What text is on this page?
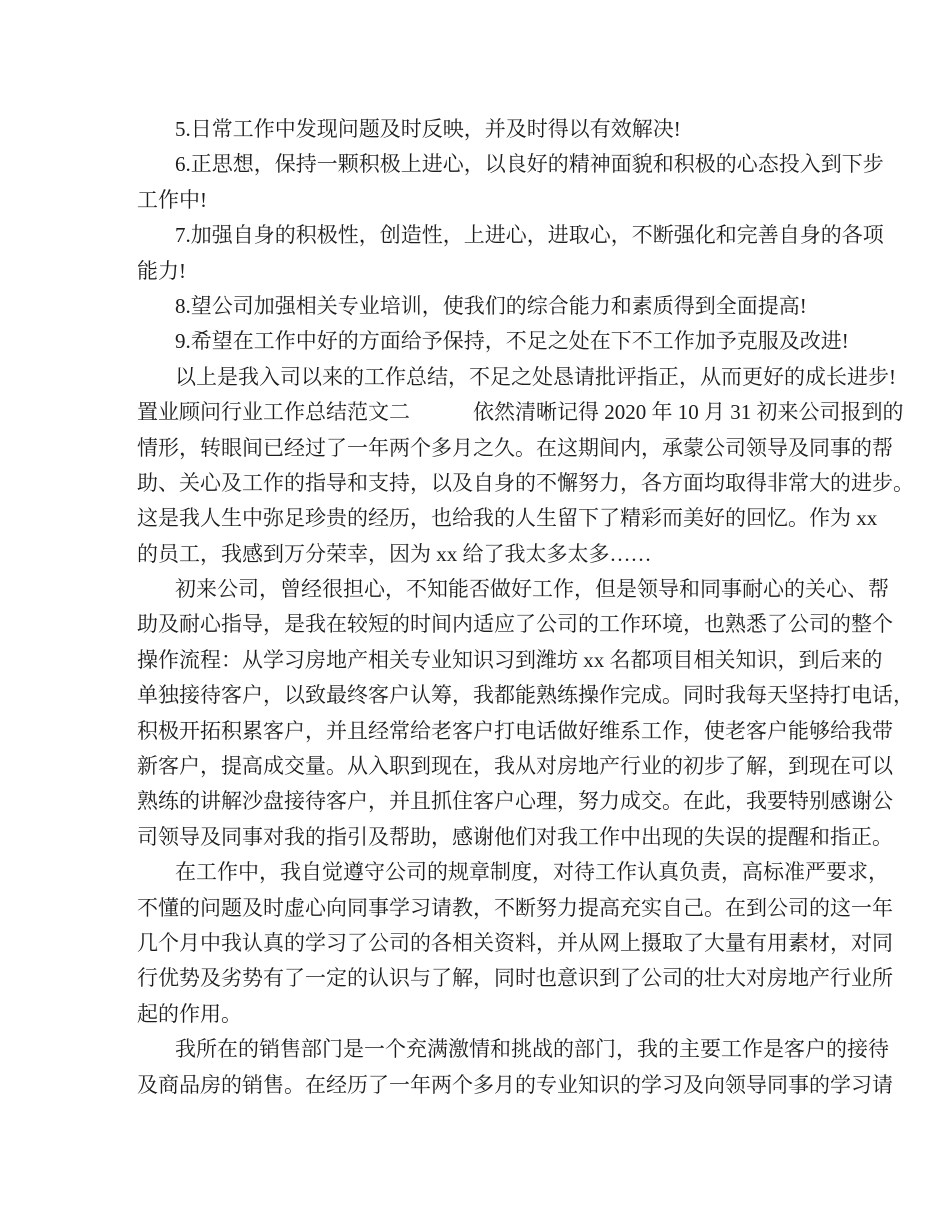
5.日常工作中发现问题及时反映，并及时得以有效解决!
6.正思想，保持一颗积极上进心，以良好的精神面貌和积极的心态投入到下步
工作中!
7.加强自身的积极性，创造性，上进心，进取心，不断强化和完善自身的各项
能力!
8.望公司加强相关专业培训，使我们的综合能力和素质得到全面提高!
9.希望在工作中好的方面给予保持，不足之处在下不工作加予克服及改进!
以上是我入司以来的工作总结，不足之处恳请批评指正，从而更好的成长进步!
置业顾问行业工作总结范文二　　　依然清晰记得 2020 年 10 月 31 初来公司报到的
情形，转眼间已经过了一年两个多月之久。在这期间内，承蒙公司领导及同事的帮
助、关心及工作的指导和支持，以及自身的不懈努力，各方面均取得非常大的进步。
这是我人生中弥足珍贵的经历，也给我的人生留下了精彩而美好的回忆。作为 xx
的员工，我感到万分荣幸，因为 xx 给了我太多太多……
初来公司，曾经很担心，不知能否做好工作，但是领导和同事耐心的关心、帮
助及耐心指导，是我在较短的时间内适应了公司的工作环境，也熟悉了公司的整个
操作流程：从学习房地产相关专业知识习到潍坊 xx 名都项目相关知识，到后来的
单独接待客户，以致最终客户认筹，我都能熟练操作完成。同时我每天坚持打电话，
积极开拓积累客户，并且经常给老客户打电话做好维系工作，使老客户能够给我带
新客户，提高成交量。从入职到现在，我从对房地产行业的初步了解，到现在可以
熟练的讲解沙盘接待客户，并且抓住客户心理，努力成交。在此，我要特别感谢公
司领导及同事对我的指引及帮助，感谢他们对我工作中出现的失误的提醒和指正。
在工作中，我自觉遵守公司的规章制度，对待工作认真负责，高标准严要求，
不懂的问题及时虚心向同事学习请教，不断努力提高充实自己。在到公司的这一年
几个月中我认真的学习了公司的各相关资料，并从网上摄取了大量有用素材，对同
行优势及劣势有了一定的认识与了解，同时也意识到了公司的壮大对房地产行业所
起的作用。
我所在的销售部门是一个充满激情和挑战的部门，我的主要工作是客户的接待
及商品房的销售。在经历了一年两个多月的专业知识的学习及向领导同事的学习请
